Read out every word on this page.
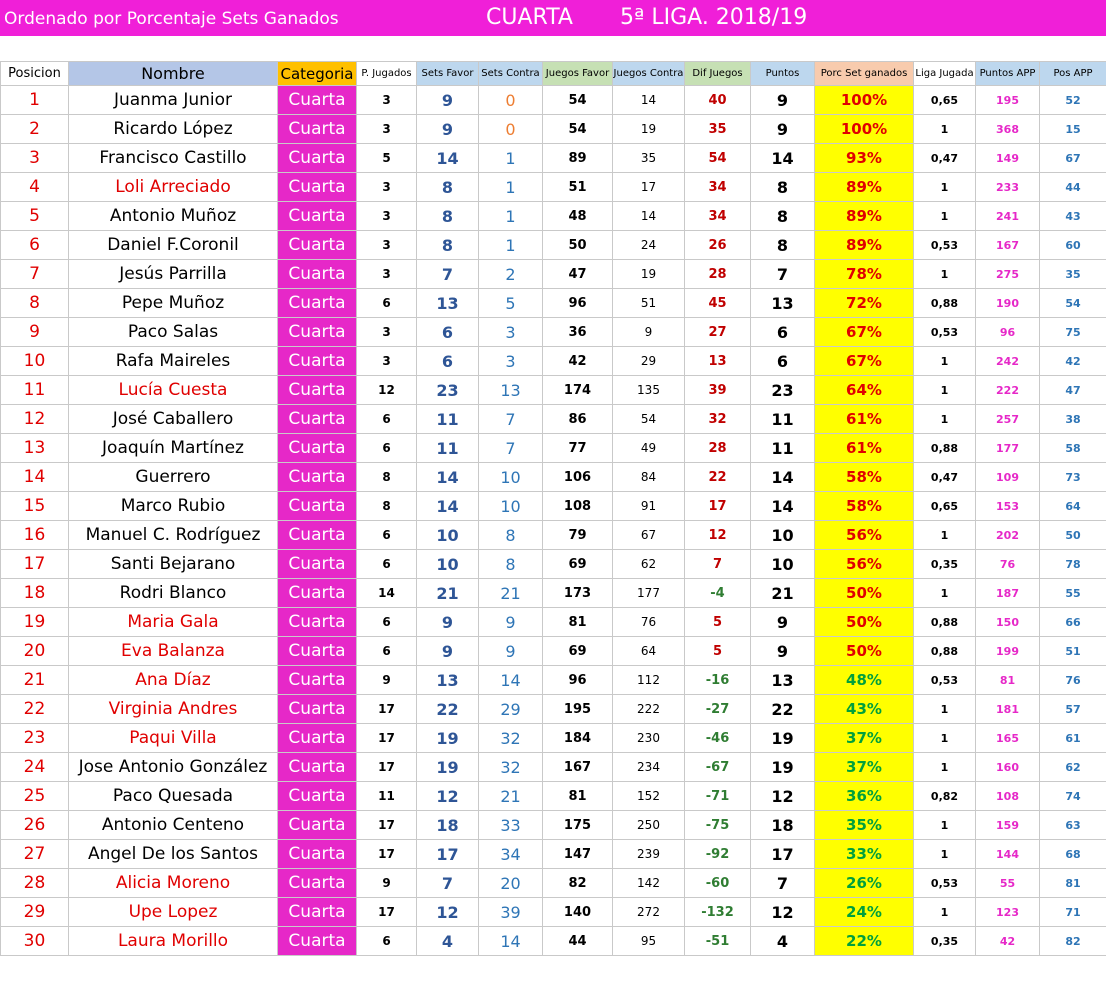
Ordenado por Porcentaje Sets Ganados	CUARTA 5ª LIGA. 2018/19
Posicion	Nombre	Categoria	P. Jugados	Sets Favor	Sets Contra	Juegos Favor	Juegos Contra	Dif Juegos	Puntos	Porc Set ganados	Liga Jugada	Puntos APP	Pos APP
1	Juanma Junior	Cuarta	3	9	0	54	14	40	9	100%	0,65	195	52
2	Ricardo López	Cuarta	3	9	0	54	19	35	9	100%	1	368	15
3	Francisco Castillo	Cuarta	5	14	1	89	35	54	14	93%	0,47	149	67
4	Loli Arreciado	Cuarta	3	8	1	51	17	34	8	89%	1	233	44
5	Antonio Muñoz	Cuarta	3	8	1	48	14	34	8	89%	1	241	43
6	Daniel F.Coronil	Cuarta	3	8	1	50	24	26	8	89%	0,53	167	60
7	Jesús Parrilla	Cuarta	3	7	2	47	19	28	7	78%	1	275	35
8	Pepe Muñoz	Cuarta	6	13	5	96	51	45	13	72%	0,88	190	54
9	Paco Salas	Cuarta	3	6	3	36	9	27	6	67%	0,53	96	75
10	Rafa Maireles	Cuarta	3	6	3	42	29	13	6	67%	1	242	42
11	Lucía Cuesta	Cuarta	12	23	13	174	135	39	23	64%	1	222	47
12	José Caballero	Cuarta	6	11	7	86	54	32	11	61%	1	257	38
13	Joaquín Martínez	Cuarta	6	11	7	77	49	28	11	61%	0,88	177	58
14	Guerrero	Cuarta	8	14	10	106	84	22	14	58%	0,47	109	73
15	Marco Rubio	Cuarta	8	14	10	108	91	17	14	58%	0,65	153	64
16	Manuel C. Rodríguez	Cuarta	6	10	8	79	67	12	10	56%	1	202	50
17	Santi Bejarano	Cuarta	6	10	8	69	62	7	10	56%	0,35	76	78
18	Rodri Blanco	Cuarta	14	21	21	173	177	-4	21	50%	1	187	55
19	Maria Gala	Cuarta	6	9	9	81	76	5	9	50%	0,88	150	66
20	Eva Balanza	Cuarta	6	9	9	69	64	5	9	50%	0,88	199	51
21	Ana Díaz	Cuarta	9	13	14	96	112	-16	13	48%	0,53	81	76
22	Virginia Andres	Cuarta	17	22	29	195	222	-27	22	43%	1	181	57
23	Paqui Villa	Cuarta	17	19	32	184	230	-46	19	37%	1	165	61
24	Jose Antonio González	Cuarta	17	19	32	167	234	-67	19	37%	1	160	62
25	Paco Quesada	Cuarta	11	12	21	81	152	-71	12	36%	0,82	108	74
26	Antonio Centeno	Cuarta	17	18	33	175	250	-75	18	35%	1	159	63
27	Angel De los Santos	Cuarta	17	17	34	147	239	-92	17	33%	1	144	68
28	Alicia Moreno	Cuarta	9	7	20	82	142	-60	7	26%	0,53	55	81
29	Upe Lopez	Cuarta	17	12	39	140	272	-132	12	24%	1	123	71
30	Laura Morillo	Cuarta	6	4	14	44	95	-51	4	22%	0,35	42	82
